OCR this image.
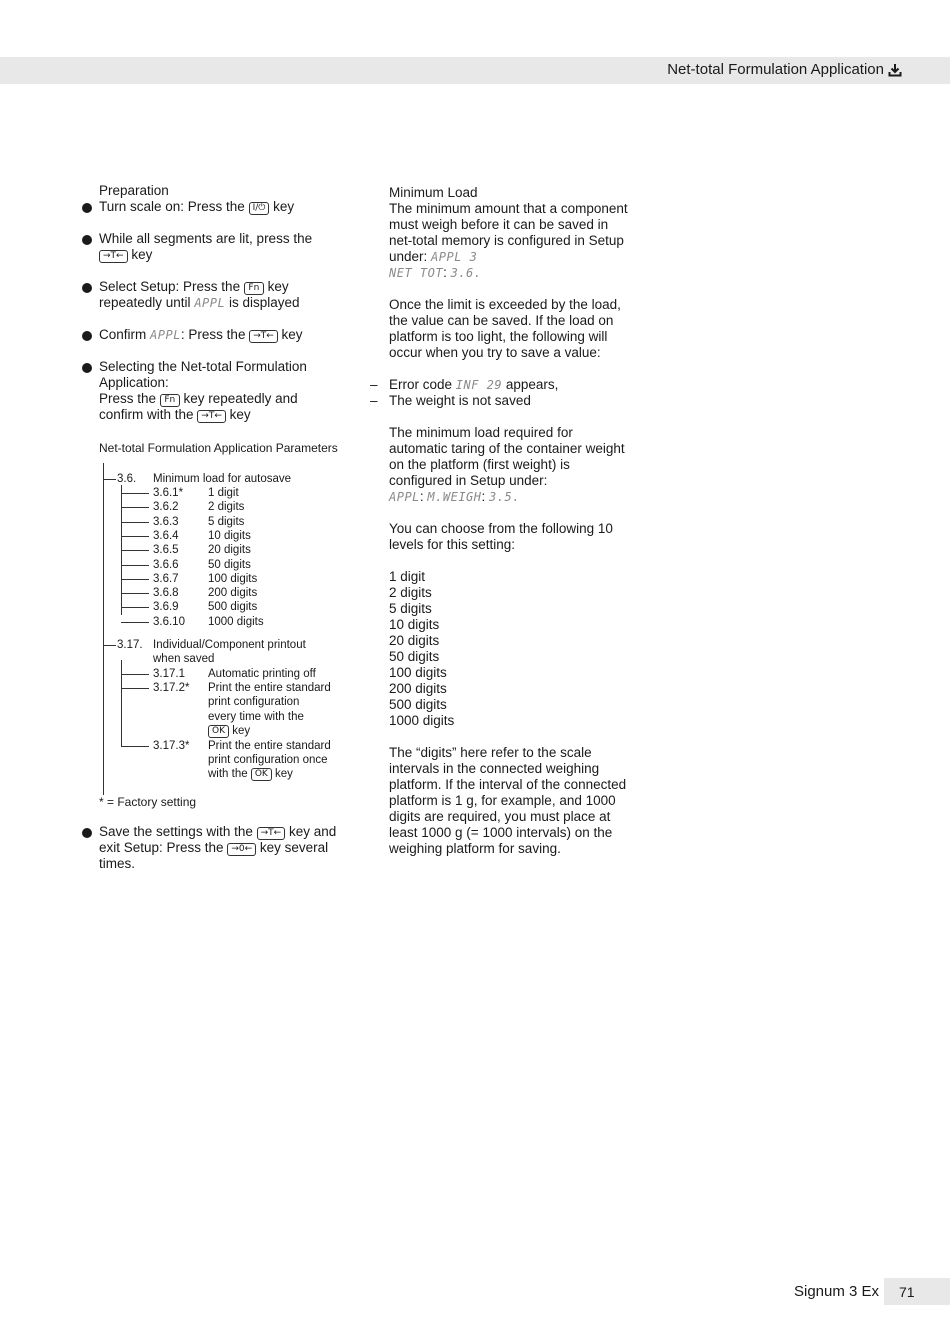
Net-total Formulation Application
Preparation
Turn scale on: Press the I/⏻ key
While all segments are lit, press the →T← key
Select Setup: Press the Fn key repeatedly until APPL is displayed
Confirm APPL: Press the →T← key
Selecting the Net-total Formulation Application:
Press the Fn key repeatedly and confirm with the →T← key
Net-total Formulation Application Parameters
3.6. Minimum load for autosave
3.6.1* 1 digit
3.6.2	2 digits
3.6.3	5 digits
3.6.4	10 digits
3.6.5	20 digits
3.6.6	50 digits
3.6.7	100 digits
3.6.8	200 digits
3.6.9	500 digits
3.6.10 1000 digits
3.17. Individual/Component printout
when saved
3.17.1 Automatic printing off
3.17.2* Print the entire standard
print configuration
every time with the
OK key
3.17.3* Print the entire standard
print configuration once
with the OK key
* = Factory setting
Save the settings with the →T← key and exit Setup: Press the →0← key several times.

Minimum Load

The minimum amount that a component must weigh before it can be saved in net-total memory is configured in Setup under: APPL 3
NET TOT: 3.6.

Once the limit is exceeded by the load, the value can be saved. If the load on platform is too light, the following will occur when you try to save a value:

– Error code INF 29 appears,
– The weight is not saved

The minimum load required for automatic taring of the container weight on the platform (first weight) is configured in Setup under:
APPL: M.WEIGH: 3.5.

You can choose from the following 10 levels for this setting:

1 digit
2 digits
5 digits
10 digits
20 digits
50 digits
100 digits
200 digits
500 digits
1000 digits

The “digits” here refer to the scale intervals in the connected weighing platform. If the interval of the connected platform is 1 g, for example, and 1000 digits are required, you must place at least 1000 g (= 1000 intervals) on the weighing platform for saving.

Signum 3 Ex 71
